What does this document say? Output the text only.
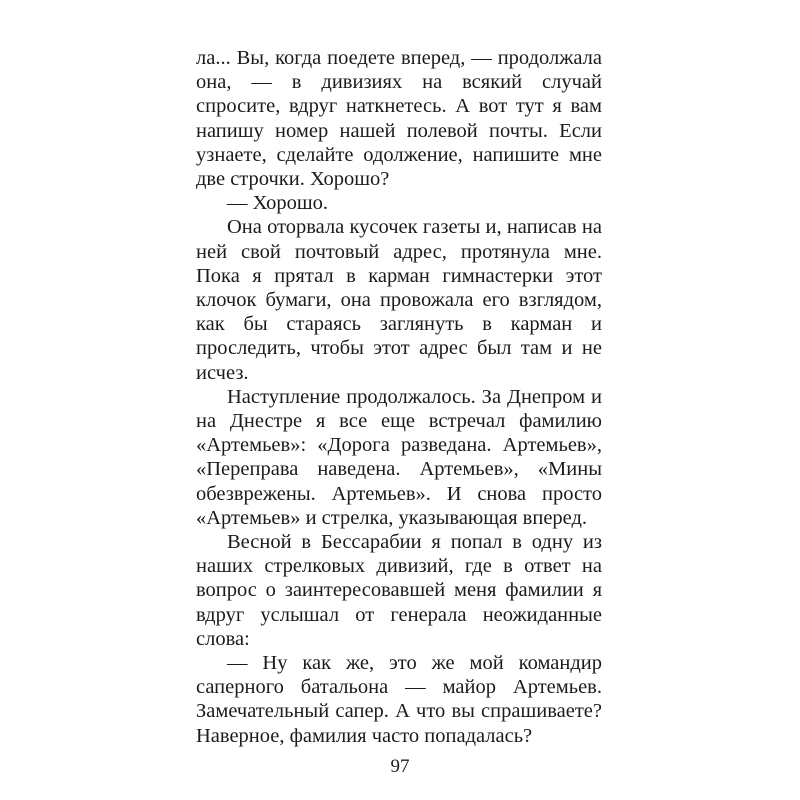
ла... Вы, когда поедете вперед, — продолжала она, — в дивизиях на всякий случай спросите, вдруг наткнетесь. А вот тут я вам напишу номер нашей полевой почты. Если узнаете, сделайте одолжение, напишите мне две строчки. Хорошо?

— Хорошо.

Она оторвала кусочек газеты и, написав на ней свой почтовый адрес, протянула мне. Пока я прятал в карман гимнастерки этот клочок бумаги, она провожала его взглядом, как бы стараясь заглянуть в карман и проследить, чтобы этот адрес был там и не исчез.

Наступление продолжалось. За Днепром и на Днестре я все еще встречал фамилию «Артемьев»: «Дорога разведана. Артемьев», «Переправа наведена. Артемьев», «Мины обезврежены. Артемьев». И снова просто «Артемьев» и стрелка, указывающая вперед.

Весной в Бессарабии я попал в одну из наших стрелковых дивизий, где в ответ на вопрос о заинтересовавшей меня фамилии я вдруг услышал от генерала неожиданные слова:

— Ну как же, это же мой командир саперного батальона — майор Артемьев. Замечательный сапер. А что вы спрашиваете? Наверное, фамилия часто попадалась?

97
